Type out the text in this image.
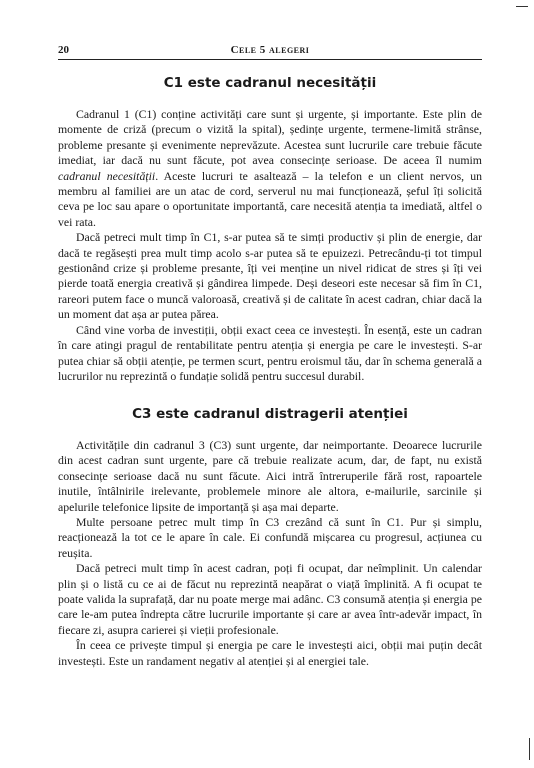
20	Cele 5 alegeri
C1 este cadranul necesității

Cadranul 1 (C1) conține activități care sunt și urgente, și importante. Este plin de momente de criză (precum o vizită la spital), ședințe urgente, termene-limită strânse, probleme presante și evenimente neprevăzute. Acestea sunt lucrurile care trebuie făcute imediat, iar dacă nu sunt făcute, pot avea consecințe serioase. De aceea îl numim cadranul necesității. Aceste lucruri te asaltează – la telefon e un client nervos, un membru al familiei are un atac de cord, serverul nu mai funcționează, șeful îți solicită ceva pe loc sau apare o oportunitate importantă, care necesită atenția ta imediată, altfel o vei rata.

Dacă petreci mult timp în C1, s-ar putea să te simți productiv și plin de energie, dar dacă te regăsești prea mult timp acolo s-ar putea să te epuizezi. Petrecându-ți tot timpul gestionând crize și probleme presante, îți vei menține un nivel ridicat de stres și îți vei pierde toată energia creativă și gândirea limpede. Deși deseori este necesar să fim în C1, rareori putem face o muncă valoroasă, creativă și de calitate în acest cadran, chiar dacă la un moment dat așa ar putea părea.

Când vine vorba de investiții, obții exact ceea ce investești. În esență, este un cadran în care atingi pragul de rentabilitate pentru atenția și energia pe care le investești. S-ar putea chiar să obții atenție, pe termen scurt, pentru eroismul tău, dar în schema generală a lucrurilor nu reprezintă o fundație solidă pentru succesul durabil.

C3 este cadranul distragerii atenției

Activitățile din cadranul 3 (C3) sunt urgente, dar neimportante. Deoarece lucrurile din acest cadran sunt urgente, pare că trebuie realizate acum, dar, de fapt, nu există consecințe serioase dacă nu sunt făcute. Aici intră întreruperile fără rost, rapoartele inutile, întâlnirile irelevante, problemele minore ale altora, e-mailurile, sarcinile și apelurile telefonice lipsite de importanță și așa mai departe.

Multe persoane petrec mult timp în C3 crezând că sunt în C1. Pur și simplu, reacționează la tot ce le apare în cale. Ei confundă mișcarea cu progresul, acțiunea cu reușita.

Dacă petreci mult timp în acest cadran, poți fi ocupat, dar neîmplinit. Un calendar plin și o listă cu ce ai de făcut nu reprezintă neapărat o viață împlinită. A fi ocupat te poate valida la suprafață, dar nu poate merge mai adânc. C3 consumă atenția și energia pe care le-am putea îndrepta către lucrurile importante și care ar avea într-adevăr impact, în fiecare zi, asupra carierei și vieții profesionale.

În ceea ce privește timpul și energia pe care le investești aici, obții mai puțin decât investești. Este un randament negativ al atenției și al energiei tale.
